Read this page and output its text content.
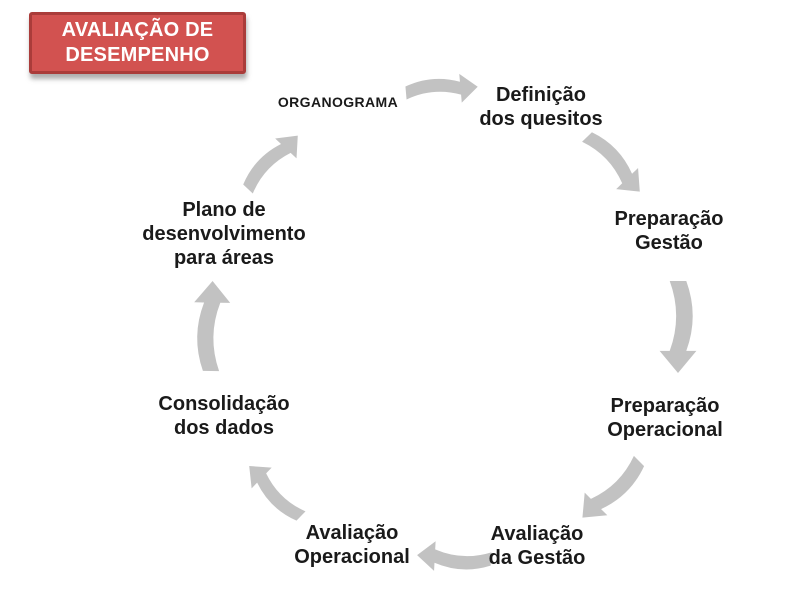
AVALIAÇÃO DE
DESEMPENHO
ORGANOGRAMA	Definição
dos quesitos
Preparação
Gestão
Preparação
Operacional
Avaliação
da Gestão
Avaliação
Operacional
Consolidação
dos dados
Plano de
desenvolvimento
para áreas
